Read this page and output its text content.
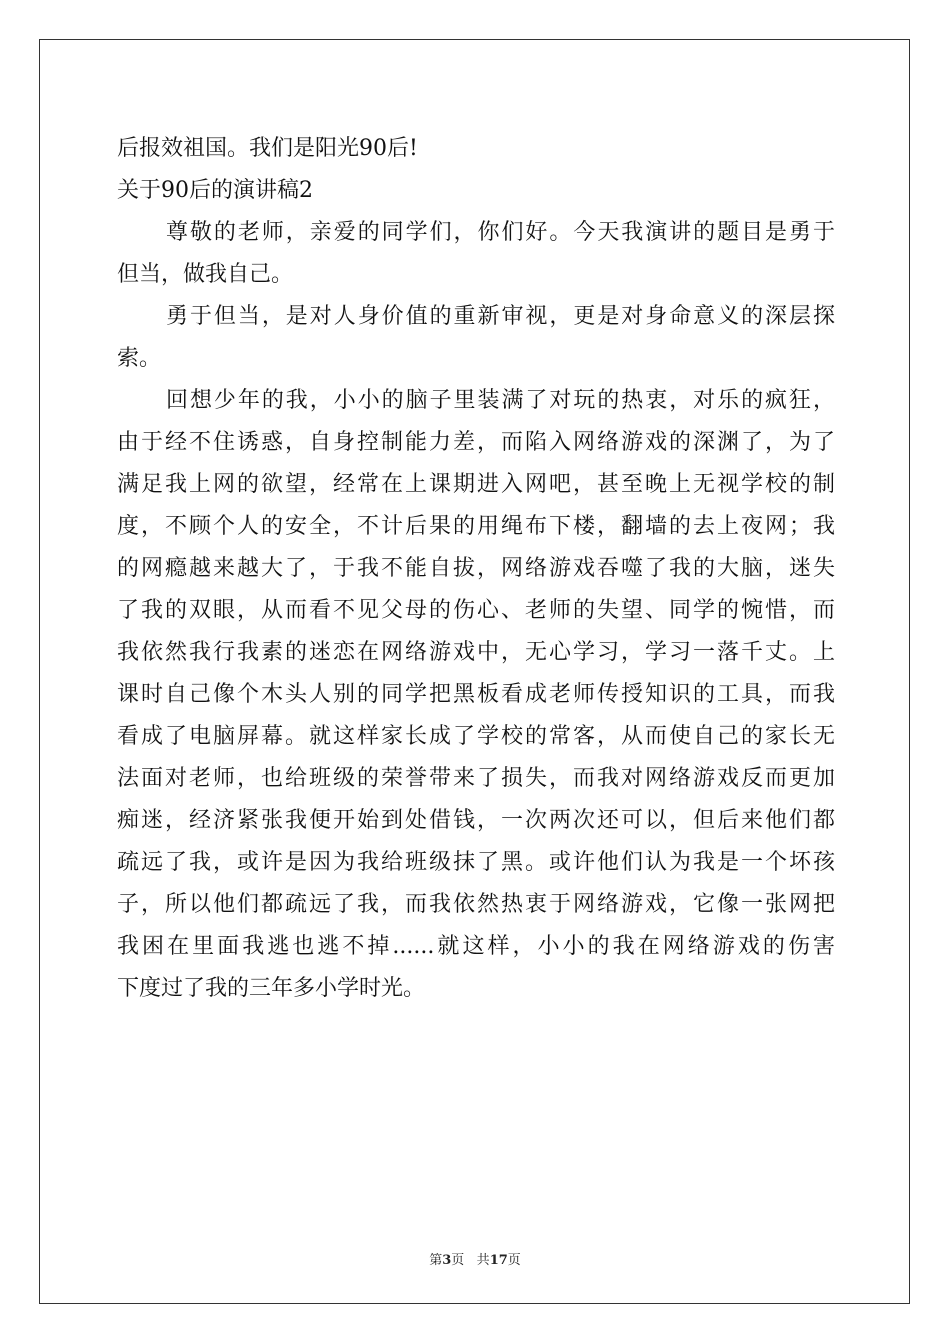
后报效祖国。我们是阳光90后!
关于90后的演讲稿2
尊敬的老师，亲爱的同学们，你们好。今天我演讲的题目是勇于
但当，做我自己。
勇于但当，是对人身价值的重新审视，更是对身命意义的深层探
索。
回想少年的我，小小的脑子里装满了对玩的热衷，对乐的疯狂，
由于经不住诱惑，自身控制能力差，而陷入网络游戏的深渊了，为了
满足我上网的欲望，经常在上课期进入网吧，甚至晚上无视学校的制
度，不顾个人的安全，不计后果的用绳布下楼，翻墙的去上夜网；我
的网瘾越来越大了，于我不能自拔，网络游戏吞噬了我的大脑，迷失
了我的双眼，从而看不见父母的伤心、老师的失望、同学的惋惜，而
我依然我行我素的迷恋在网络游戏中，无心学习，学习一落千丈。上
课时自己像个木头人别的同学把黑板看成老师传授知识的工具，而我
看成了电脑屏幕。就这样家长成了学校的常客，从而使自己的家长无
法面对老师，也给班级的荣誉带来了损失，而我对网络游戏反而更加
痴迷，经济紧张我便开始到处借钱，一次两次还可以，但后来他们都
疏远了我，或许是因为我给班级抹了黑。或许他们认为我是一个坏孩
子，所以他们都疏远了我，而我依然热衷于网络游戏，它像一张网把
我困在里面我逃也逃不掉......就这样，小小的我在网络游戏的伤害
下度过了我的三年多小学时光。
第3页 共17页
